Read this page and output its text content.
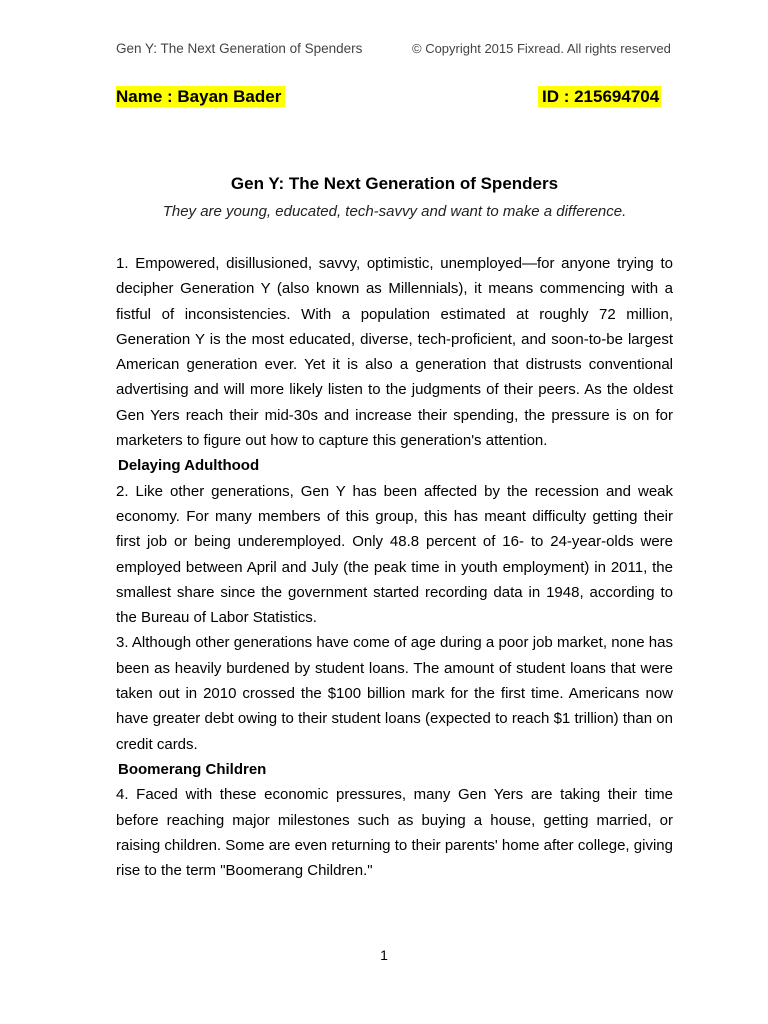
Gen Y: The Next Generation of Spenders	© Copyright 2015 Fixread. All rights reserved
Name : Bayan Bader	ID : 215694704
Gen Y: The Next Generation of Spenders
They are young, educated, tech-savvy and want to make a difference.

1. Empowered, disillusioned, savvy, optimistic, unemployed—for anyone trying to decipher Generation Y (also known as Millennials), it means commencing with a fistful of inconsistencies. With a population estimated at roughly 72 million, Generation Y is the most educated, diverse, tech-proficient, and soon-to-be largest American generation ever. Yet it is also a generation that distrusts conventional advertising and will more likely listen to the judgments of their peers. As the oldest Gen Yers reach their mid-30s and increase their spending, the pressure is on for marketers to figure out how to capture this generation's attention.

Delaying Adulthood

2. Like other generations, Gen Y has been affected by the recession and weak economy. For many members of this group, this has meant difficulty getting their first job or being underemployed. Only 48.8 percent of 16- to 24-year-olds were employed between April and July (the peak time in youth employment) in 2011, the smallest share since the government started recording data in 1948, according to the Bureau of Labor Statistics.

3. Although other generations have come of age during a poor job market, none has been as heavily burdened by student loans. The amount of student loans that were taken out in 2010 crossed the $100 billion mark for the first time. Americans now have greater debt owing to their student loans (expected to reach $1 trillion) than on credit cards.

Boomerang Children

4. Faced with these economic pressures, many Gen Yers are taking their time before reaching major milestones such as buying a house, getting married, or raising children. Some are even returning to their parents' home after college, giving rise to the term "Boomerang Children."

1
